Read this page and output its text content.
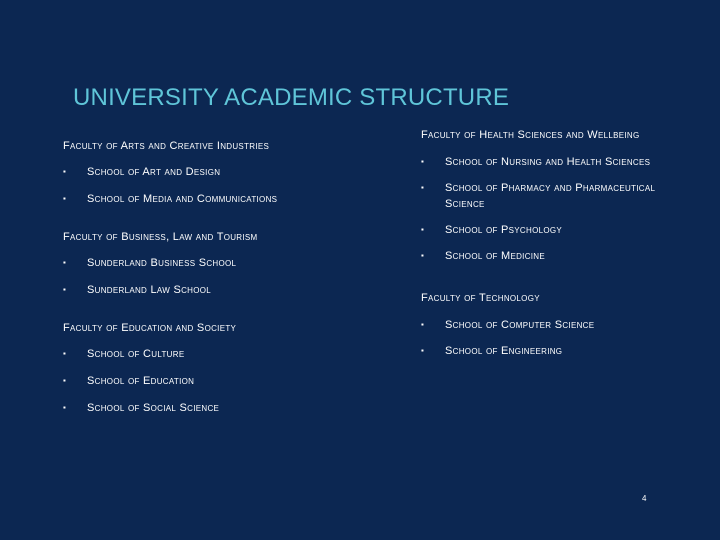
UNIVERSITY ACADEMIC STRUCTURE
Faculty of Arts and Creative Industries
▪ School of Art and Design
▪ School of Media and Communications
Faculty of Business, Law and Tourism
▪ Sunderland Business School
▪ Sunderland Law School
Faculty of Education and Society
▪ School of Culture
▪ School of Education
▪ School of Social Science
Faculty of Health Sciences and Wellbeing
▪ School of Nursing and Health Sciences
▪ School of Pharmacy and Pharmaceutical Science
▪ School of Psychology
▪ School of Medicine
Faculty of Technology
▪ School of Computer Science
▪ School of Engineering
4
